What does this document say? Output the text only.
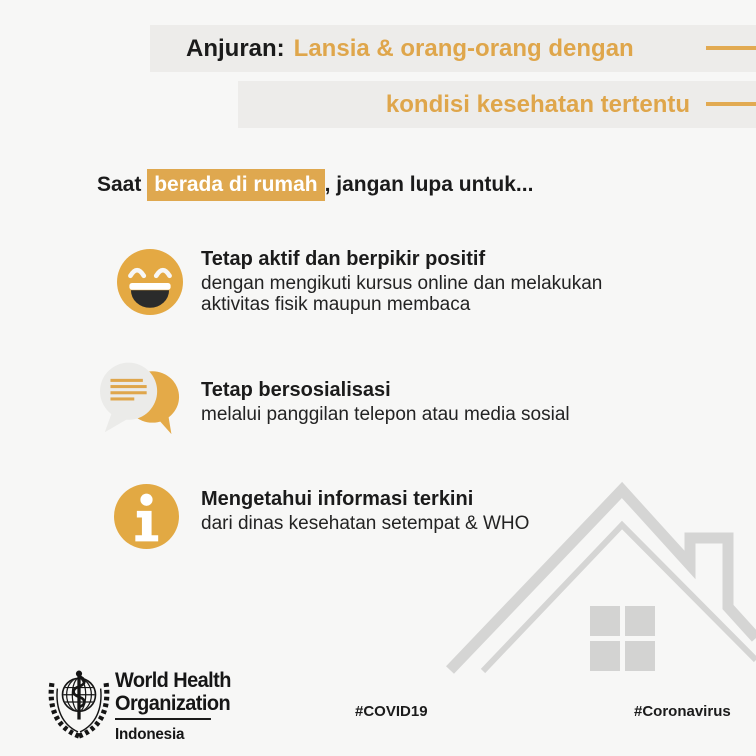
Anjuran: Lansia & orang-orang dengan
kondisi kesehatan tertentu
Saat berada di rumah , jangan lupa untuk...
Tetap aktif dan berpikir positif
dengan mengikuti kursus online dan melakukan aktivitas fisik maupun membaca
Tetap bersosialisasi
melalui panggilan telepon atau media sosial
Mengetahui informasi terkini
dari dinas kesehatan setempat & WHO
World Health
Organization
Indonesia
#COVID19	#Coronavirus
